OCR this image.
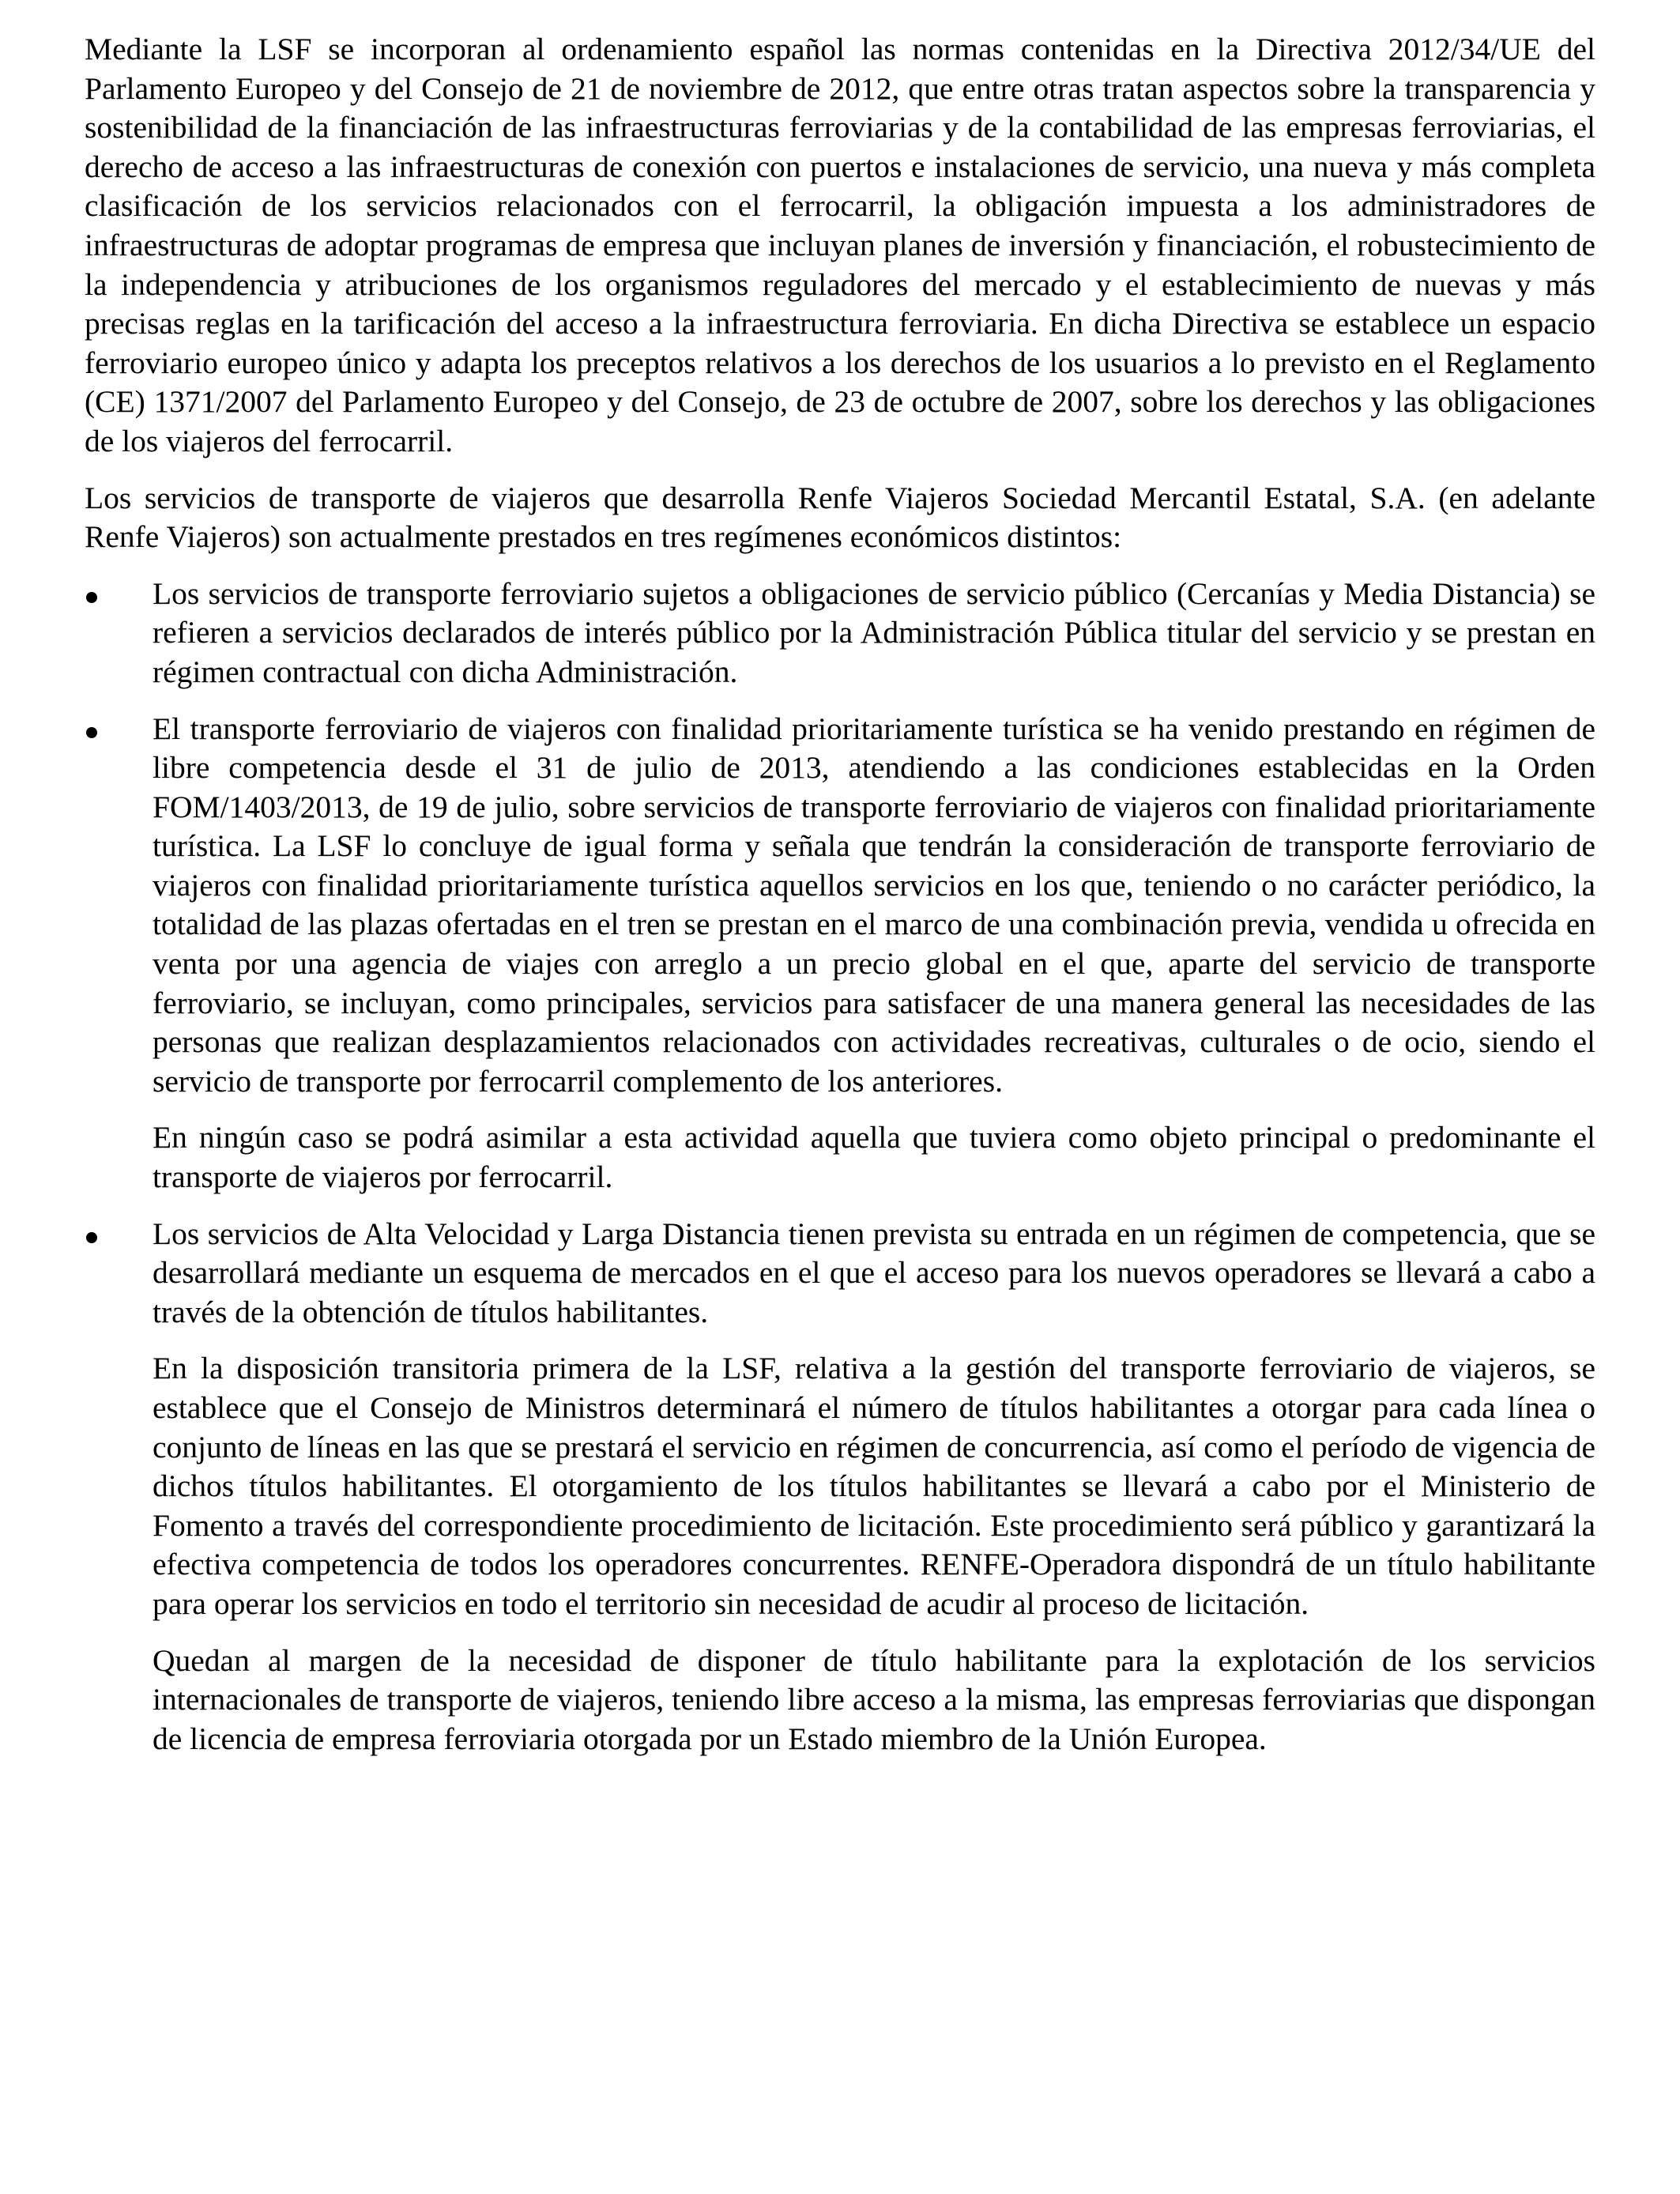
Mediante la LSF se incorporan al ordenamiento español las normas contenidas en la Directiva 2012/34/UE del Parlamento Europeo y del Consejo de 21 de noviembre de 2012, que entre otras tratan aspectos sobre la transparencia y sostenibilidad de la financiación de las infraestructuras ferroviarias y de la contabilidad de las empresas ferroviarias, el derecho de acceso a las infraestructuras de conexión con puertos e instalaciones de servicio, una nueva y más completa clasificación de los servicios relacionados con el ferrocarril, la obligación impuesta a los administradores de infraestructuras de adoptar programas de empresa que incluyan planes de inversión y financiación, el robustecimiento de la independencia y atribuciones de los organismos reguladores del mercado y el establecimiento de nuevas y más precisas reglas en la tarificación del acceso a la infraestructura ferroviaria. En dicha Directiva se establece un espacio ferroviario europeo único y adapta los preceptos relativos a los derechos de los usuarios a lo previsto en el Reglamento (CE) 1371/2007 del Parlamento Europeo y del Consejo, de 23 de octubre de 2007, sobre los derechos y las obligaciones de los viajeros del ferrocarril.

Los servicios de transporte de viajeros que desarrolla Renfe Viajeros Sociedad Mercantil Estatal, S.A. (en adelante Renfe Viajeros) son actualmente prestados en tres regímenes económicos distintos:

Los servicios de transporte ferroviario sujetos a obligaciones de servicio público (Cercanías y Media Distancia) se refieren a servicios declarados de interés público por la Administración Pública titular del servicio y se prestan en régimen contractual con dicha Administración.

El transporte ferroviario de viajeros con finalidad prioritariamente turística se ha venido prestando en régimen de libre competencia desde el 31 de julio de 2013, atendiendo a las condiciones establecidas en la Orden FOM/1403/2013, de 19 de julio, sobre servicios de transporte ferroviario de viajeros con finalidad prioritariamente turística. La LSF lo concluye de igual forma y señala que tendrán la consideración de transporte ferroviario de viajeros con finalidad prioritariamente turística aquellos servicios en los que, teniendo o no carácter periódico, la totalidad de las plazas ofertadas en el tren se prestan en el marco de una combinación previa, vendida u ofrecida en venta por una agencia de viajes con arreglo a un precio global en el que, aparte del servicio de transporte ferroviario, se incluyan, como principales, servicios para satisfacer de una manera general las necesidades de las personas que realizan desplazamientos relacionados con actividades recreativas, culturales o de ocio, siendo el servicio de transporte por ferrocarril complemento de los anteriores.

En ningún caso se podrá asimilar a esta actividad aquella que tuviera como objeto principal o predominante el transporte de viajeros por ferrocarril.

Los servicios de Alta Velocidad y Larga Distancia tienen prevista su entrada en un régimen de competencia, que se desarrollará mediante un esquema de mercados en el que el acceso para los nuevos operadores se llevará a cabo a través de la obtención de títulos habilitantes.

En la disposición transitoria primera de la LSF, relativa a la gestión del transporte ferroviario de viajeros, se establece que el Consejo de Ministros determinará el número de títulos habilitantes a otorgar para cada línea o conjunto de líneas en las que se prestará el servicio en régimen de concurrencia, así como el período de vigencia de dichos títulos habilitantes. El otorgamiento de los títulos habilitantes se llevará a cabo por el Ministerio de Fomento a través del correspondiente procedimiento de licitación. Este procedimiento será público y garantizará la efectiva competencia de todos los operadores concurrentes. RENFE-Operadora dispondrá de un título habilitante para operar los servicios en todo el territorio sin necesidad de acudir al proceso de licitación.

Quedan al margen de la necesidad de disponer de título habilitante para la explotación de los servicios internacionales de transporte de viajeros, teniendo libre acceso a la misma, las empresas ferroviarias que dispongan de licencia de empresa ferroviaria otorgada por un Estado miembro de la Unión Europea.
